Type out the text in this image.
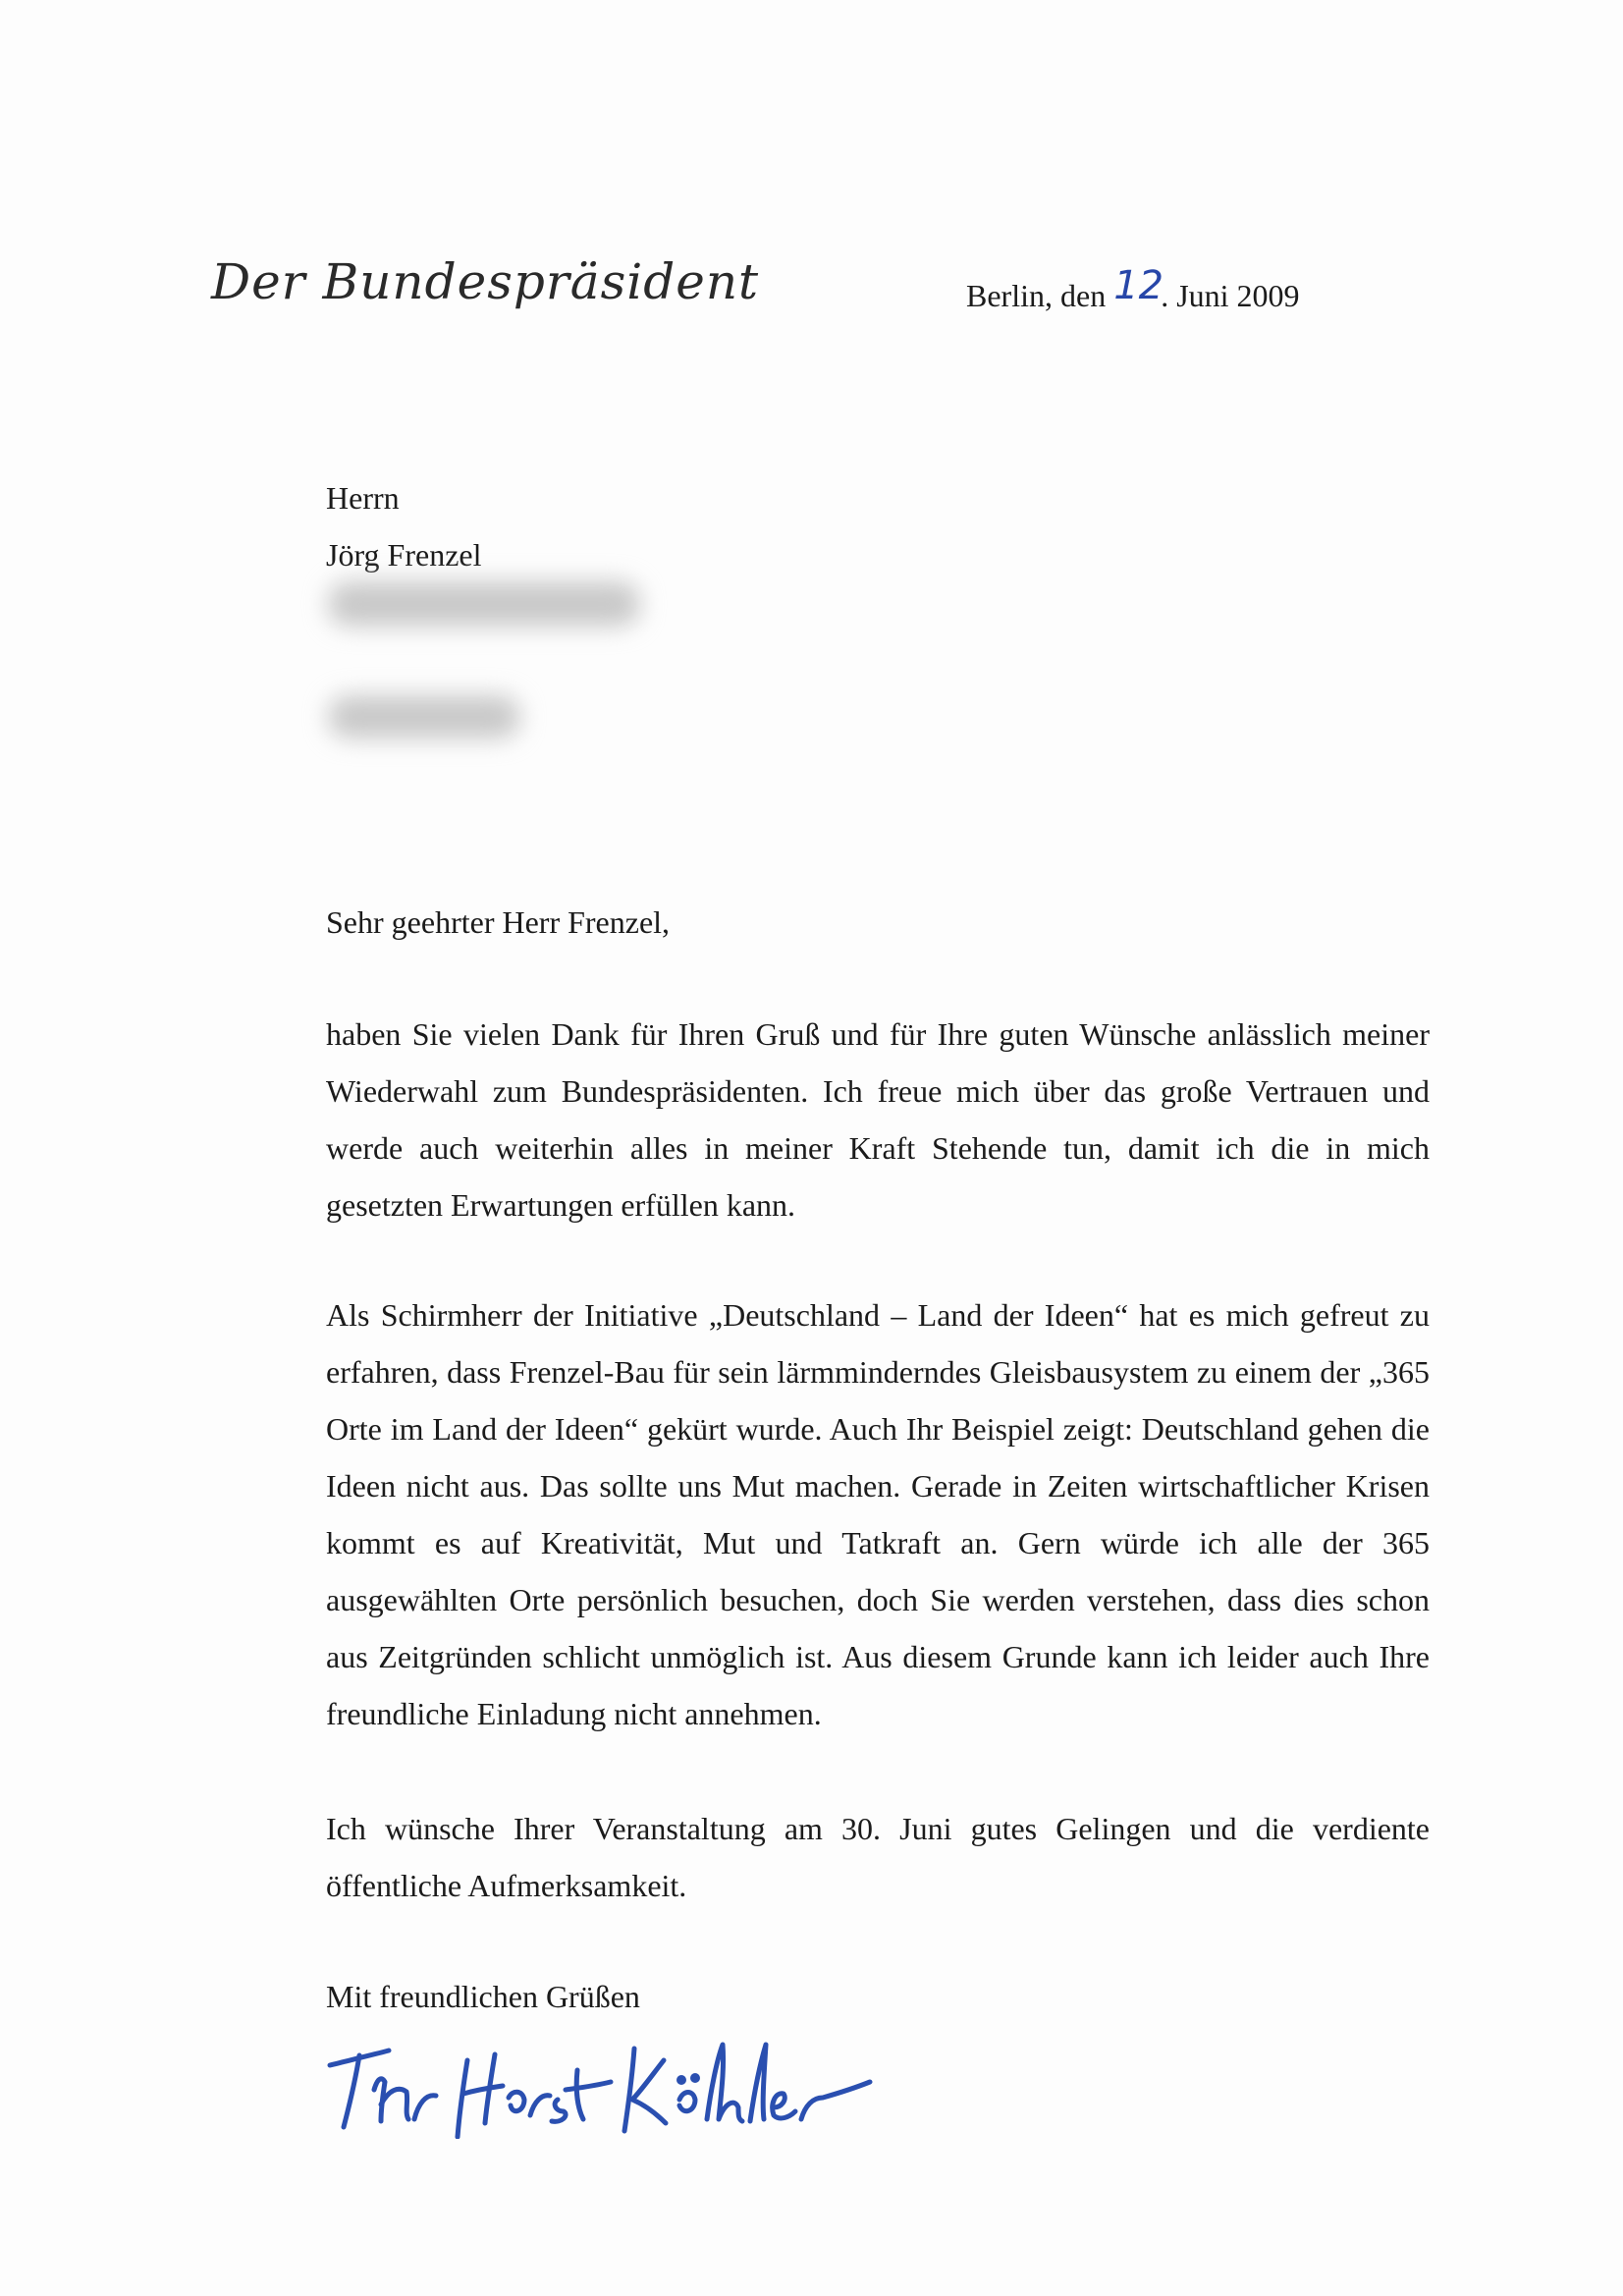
Der Bundespräsident	Berlin, den 12. Juni 2009
Herrn
Jörg Frenzel

Sehr geehrter Herr Frenzel,

haben Sie vielen Dank für Ihren Gruß und für Ihre guten Wünsche anlässlich meiner Wiederwahl zum Bundespräsidenten. Ich freue mich über das große Vertrauen und werde auch weiterhin alles in meiner Kraft Stehende tun, damit ich die in mich gesetzten Erwartungen erfüllen kann.

Als Schirmherr der Initiative „Deutschland – Land der Ideen“ hat es mich gefreut zu erfahren, dass Frenzel-Bau für sein lärmminderndes Gleisbausystem zu einem der „365 Orte im Land der Ideen“ gekürt wurde. Auch Ihr Beispiel zeigt: Deutschland gehen die Ideen nicht aus. Das sollte uns Mut machen. Gerade in Zeiten wirtschaftlicher Krisen kommt es auf Kreativität, Mut und Tatkraft an. Gern würde ich alle der 365 ausgewählten Orte persönlich besuchen, doch Sie werden verstehen, dass dies schon aus Zeitgründen schlicht unmöglich ist. Aus diesem Grunde kann ich leider auch Ihre freundliche Einladung nicht annehmen.

Ich wünsche Ihrer Veranstaltung am 30. Juni gutes Gelingen und die verdiente öffentliche Aufmerksamkeit.

Mit freundlichen Grüßen
